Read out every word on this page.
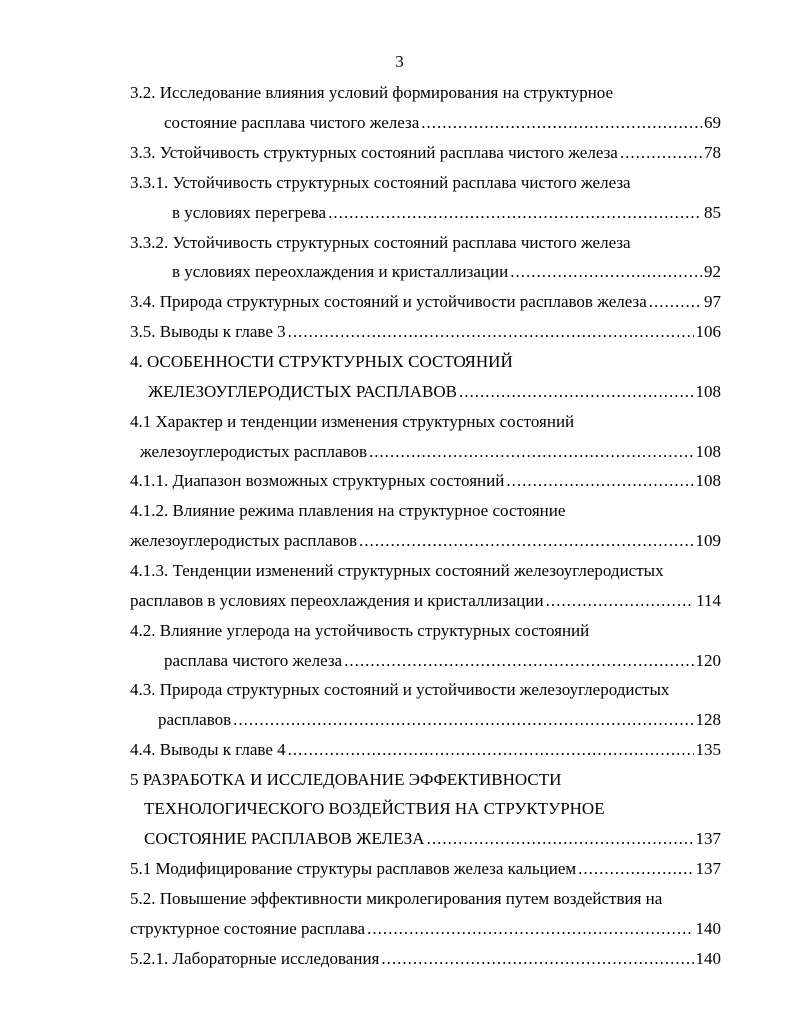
3
3.2. Исследование влияния условий формирования на структурное
состояние расплава чистого железа .....	69
3.3. Устойчивость структурных состояний расплава чистого железа .....	78
3.3.1. Устойчивость структурных состояний расплава чистого железа
в условиях перегрева .....	85
3.3.2. Устойчивость структурных состояний расплава чистого железа
в условиях переохлаждения и кристаллизации .....	92
3.4. Природа структурных состояний и устойчивости расплавов железа .....	97
3.5. Выводы к главе 3 .....	106
4. ОСОБЕННОСТИ СТРУКТУРНЫХ СОСТОЯНИЙ
ЖЕЛЕЗОУГЛЕРОДИСТЫХ РАСПЛАВОВ .....	108
4.1 Характер и тенденции изменения структурных состояний
железоуглеродистых расплавов .....	108
4.1.1. Диапазон возможных структурных состояний .....	108
4.1.2. Влияние режима плавления на структурное состояние
железоуглеродистых расплавов .....	109
4.1.3. Тенденции изменений структурных состояний железоуглеродистых
расплавов в условиях переохлаждения и кристаллизации .....	114
4.2. Влияние углерода на устойчивость структурных состояний
расплава чистого железа .....	120
4.3. Природа структурных состояний и устойчивости железоуглеродистых
расплавов .....	128
4.4. Выводы к главе 4 .....	135
5 РАЗРАБОТКА И ИССЛЕДОВАНИЕ ЭФФЕКТИВНОСТИ
ТЕХНОЛОГИЧЕСКОГО ВОЗДЕЙСТВИЯ НА СТРУКТУРНОЕ
СОСТОЯНИЕ РАСПЛАВОВ ЖЕЛЕЗА .....	137
5.1 Модифицирование структуры расплавов железа кальцием .....	137
5.2. Повышение эффективности микролегирования путем воздействия на
структурное состояние расплава .....	140
5.2.1. Лабораторные исследования .....	140
